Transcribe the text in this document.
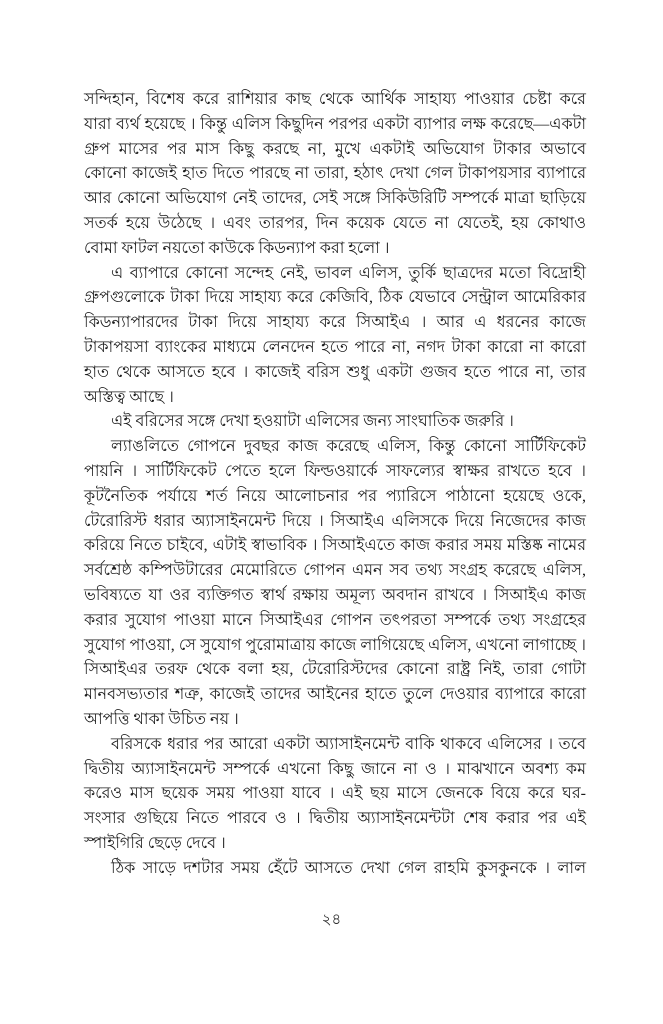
সন্দিহান, বিশেষ করে রাশিয়ার কাছ থেকে আর্থিক সাহায্য পাওয়ার চেষ্টা করে
যারা ব্যর্থ হয়েছে । কিন্তু এলিস কিছুদিন পরপর একটা ব্যাপার লক্ষ করেছে—একটা
গ্রুপ মাসের পর মাস কিছু করছে না, মুখে একটাই অভিযোগ টাকার অভাবে
কোনো কাজেই হাত দিতে পারছে না তারা, হঠাৎ দেখা গেল টাকাপয়সার ব্যাপারে
আর কোনো অভিযোগ নেই তাদের, সেই সঙ্গে সিকিউরিটি সম্পর্কে মাত্রা ছাড়িয়ে
সতর্ক হয়ে উঠেছে । এবং তারপর, দিন কয়েক যেতে না যেতেই, হয় কোথাও
বোমা ফাটল নয়তো কাউকে কিডন্যাপ করা হলো ।
এ ব্যাপারে কোনো সন্দেহ নেই, ভাবল এলিস, তুর্কি ছাত্রদের মতো বিদ্রোহী
গ্রুপগুলোকে টাকা দিয়ে সাহায্য করে কেজিবি, ঠিক যেভাবে সেন্ট্রাল আমেরিকার
কিডন্যাপারদের টাকা দিয়ে সাহায্য করে সিআইএ । আর এ ধরনের কাজে
টাকাপয়সা ব্যাংকের মাধ্যমে লেনদেন হতে পারে না, নগদ টাকা কারো না কারো
হাত থেকে আসতে হবে । কাজেই বরিস শুধু একটা গুজব হতে পারে না, তার
অস্তিত্ব আছে ।
এই বরিসের সঙ্গে দেখা হওয়াটা এলিসের জন্য সাংঘাতিক জরুরি ।
ল্যাঙলিতে গোপনে দুবছর কাজ করেছে এলিস, কিন্তু কোনো সার্টিফিকেট
পায়নি । সার্টিফিকেট পেতে হলে ফিল্ডওয়ার্কে সাফল্যের স্বাক্ষর রাখতে হবে ।
কূটনৈতিক পর্যায়ে শর্ত নিয়ে আলোচনার পর প্যারিসে পাঠানো হয়েছে ওকে,
টেরোরিস্ট ধরার অ্যাসাইনমেন্ট দিয়ে । সিআইএ এলিসকে দিয়ে নিজেদের কাজ
করিয়ে নিতে চাইবে, এটাই স্বাভাবিক । সিআইএতে কাজ করার সময় মস্তিষ্ক নামের
সর্বশ্রেষ্ঠ কম্পিউটারের মেমোরিতে গোপন এমন সব তথ্য সংগ্রহ করেছে এলিস,
ভবিষ্যতে যা ওর ব্যক্তিগত স্বার্থ রক্ষায় অমূল্য অবদান রাখবে । সিআইএ কাজ
করার সুযোগ পাওয়া মানে সিআইএর গোপন তৎপরতা সম্পর্কে তথ্য সংগ্রহের
সুযোগ পাওয়া, সে সুযোগ পুরোমাত্রায় কাজে লাগিয়েছে এলিস, এখনো লাগাচ্ছে ।
সিআইএর তরফ থেকে বলা হয়, টেরোরিস্টদের কোনো রাষ্ট্র নিই, তারা গোটা
মানবসভ্যতার শত্রু, কাজেই তাদের আইনের হাতে তুলে দেওয়ার ব্যাপারে কারো
আপত্তি থাকা উচিত নয় ।
বরিসকে ধরার পর আরো একটা অ্যাসাইনমেন্ট বাকি থাকবে এলিসের । তবে
দ্বিতীয় অ্যাসাইনমেন্ট সম্পর্কে এখনো কিছু জানে না ও । মাঝখানে অবশ্য কম
করেও মাস ছয়েক সময় পাওয়া যাবে । এই ছয় মাসে জেনকে বিয়ে করে ঘর-
সংসার গুছিয়ে নিতে পারবে ও । দ্বিতীয় অ্যাসাইনমেন্টটা শেষ করার পর এই
স্পাইগিরি ছেড়ে দেবে ।
ঠিক সাড়ে দশটার সময় হেঁটে আসতে দেখা গেল রাহমি কুসকুনকে । লাল
২৪
